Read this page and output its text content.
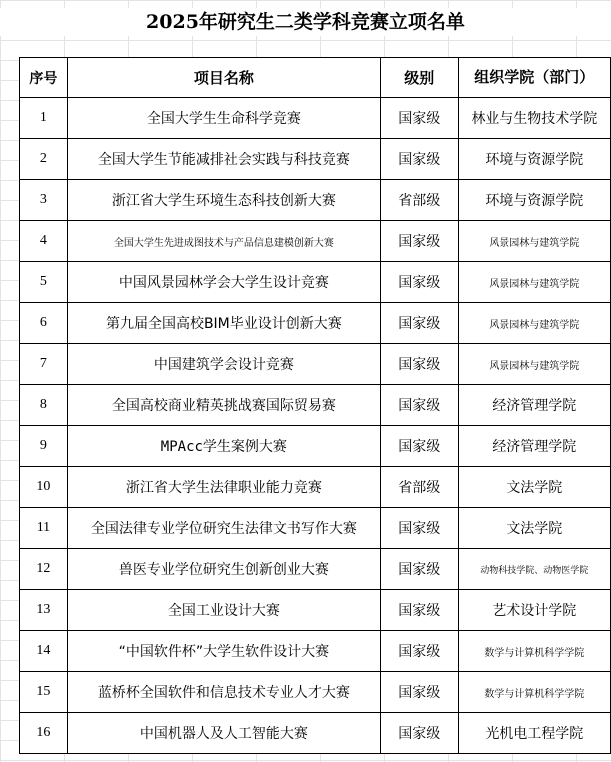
2025年研究生二类学科竞赛立项名单
序号	项目名称	级别	组织学院（部门）
1	全国大学生生命科学竞赛	国家级	林业与生物技术学院
2	全国大学生节能减排社会实践与科技竞赛	国家级	环境与资源学院
3	浙江省大学生环境生态科技创新大赛	省部级	环境与资源学院
4	全国大学生先进成图技术与产品信息建模创新大赛	国家级	风景园林与建筑学院
5	中国风景园林学会大学生设计竞赛	国家级	风景园林与建筑学院
6	第九届全国高校BIM毕业设计创新大赛	国家级	风景园林与建筑学院
7	中国建筑学会设计竞赛	国家级	风景园林与建筑学院
8	全国高校商业精英挑战赛国际贸易赛	国家级	经济管理学院
9	MPAcc学生案例大赛	国家级	经济管理学院
10	浙江省大学生法律职业能力竞赛	省部级	文法学院
11	全国法律专业学位研究生法律文书写作大赛	国家级	文法学院
12	兽医专业学位研究生创新创业大赛	国家级	动物科技学院、动物医学院
13	全国工业设计大赛	国家级	艺术设计学院
14	“中国软件杯”大学生软件设计大赛	国家级	数学与计算机科学学院
15	蓝桥杯全国软件和信息技术专业人才大赛	国家级	数学与计算机科学学院
16	中国机器人及人工智能大赛	国家级	光机电工程学院
